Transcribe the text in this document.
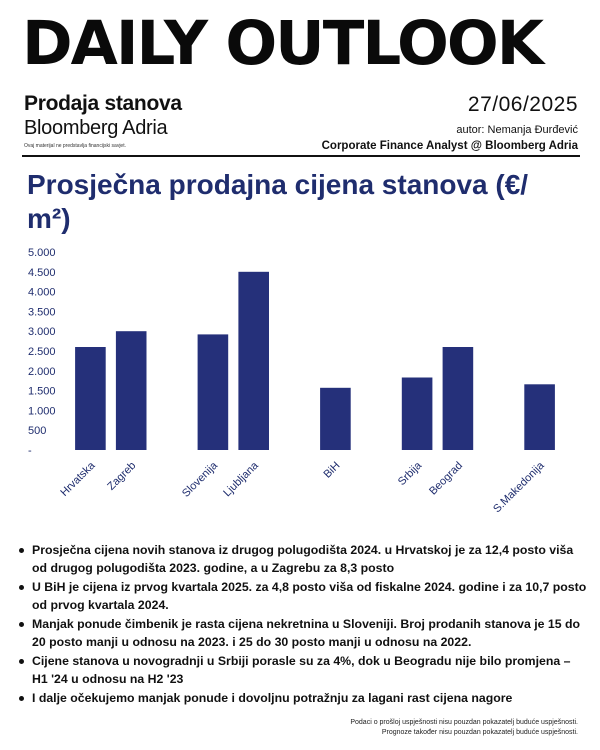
DAILY OUTLOOK
Prodaja stanova
Bloomberg Adria
Ovaj materijal ne predstavlja financijski savjet.
27/06/2025
autor: Nemanja Đurđević
Corporate Finance Analyst @ Bloomberg Adria
Prosječna prodajna cijena stanova (€/ m²)
-
500
1.000
1.500
2.000
2.500
3.000
3.500
4.000
4.500
5.000
Hrvatska Zagreb	Slovenija Ljubljana	BiH	Srbija Beograd S.Makedonija
Prosječna cijena novih stanova iz drugog polugodišta 2024. u Hrvatskoj je za 12,4 posto viša od drugog polugodišta 2023. godine, a u Zagrebu za 8,3 posto
U BiH je cijena iz prvog kvartala 2025. za 4,8 posto viša od fiskalne 2024. godine i za 10,7 posto od prvog kvartala 2024.
Manjak ponude čimbenik je rasta cijena nekretnina u Sloveniji. Broj prodanih stanova je 15 do 20 posto manji u odnosu na 2023. i 25 do 30 posto manji u odnosu na 2022.
Cijene stanova u novogradnji u Srbiji porasle su za 4%, dok u Beogradu nije bilo promjena – H1 '24 u odnosu na H2 '23
I dalje očekujemo manjak ponude i dovoljnu potražnju za lagani rast cijena nagore
Podaci o prošloj uspješnosti nisu pouzdan pokazatelj buduće uspješnosti.
Prognoze također nisu pouzdan pokazatelj buduće uspješnosti.
